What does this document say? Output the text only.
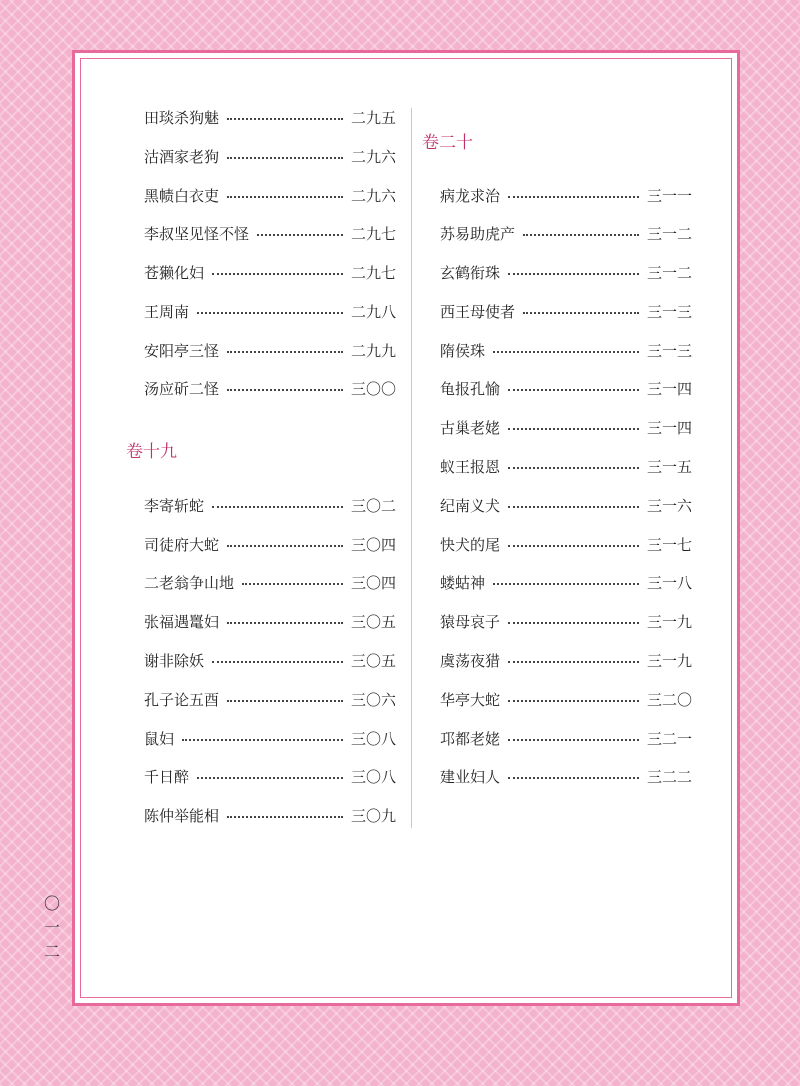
田琰杀狗魅	二九五
沽酒家老狗	二九六
黑帻白衣吏	二九六
李叔坚见怪不怪	二九七
苍獭化妇	二九七
王周南	二九八
安阳亭三怪	二九九
汤应斫二怪	三〇〇
卷十九
李寄斩蛇	三〇二
司徒府大蛇	三〇四
二老翁争山地	三〇四
张福遇鼍妇	三〇五
谢非除妖	三〇五
孔子论五酉	三〇六
鼠妇	三〇八
千日醉	三〇八
陈仲举能相	三〇九
卷二十
病龙求治	三一一
苏易助虎产	三一二
玄鹤衔珠	三一二
西王母使者	三一三
隋侯珠	三一三
龟报孔愉	三一四
古巢老姥	三一四
蚁王报恩	三一五
纪南义犬	三一六
快犬的尾	三一七
蝼蛄神	三一八
猿母哀子	三一九
虞荡夜猎	三一九
华亭大蛇	三二〇
邛都老姥	三二一
建业妇人	三二二
〇
一
二
